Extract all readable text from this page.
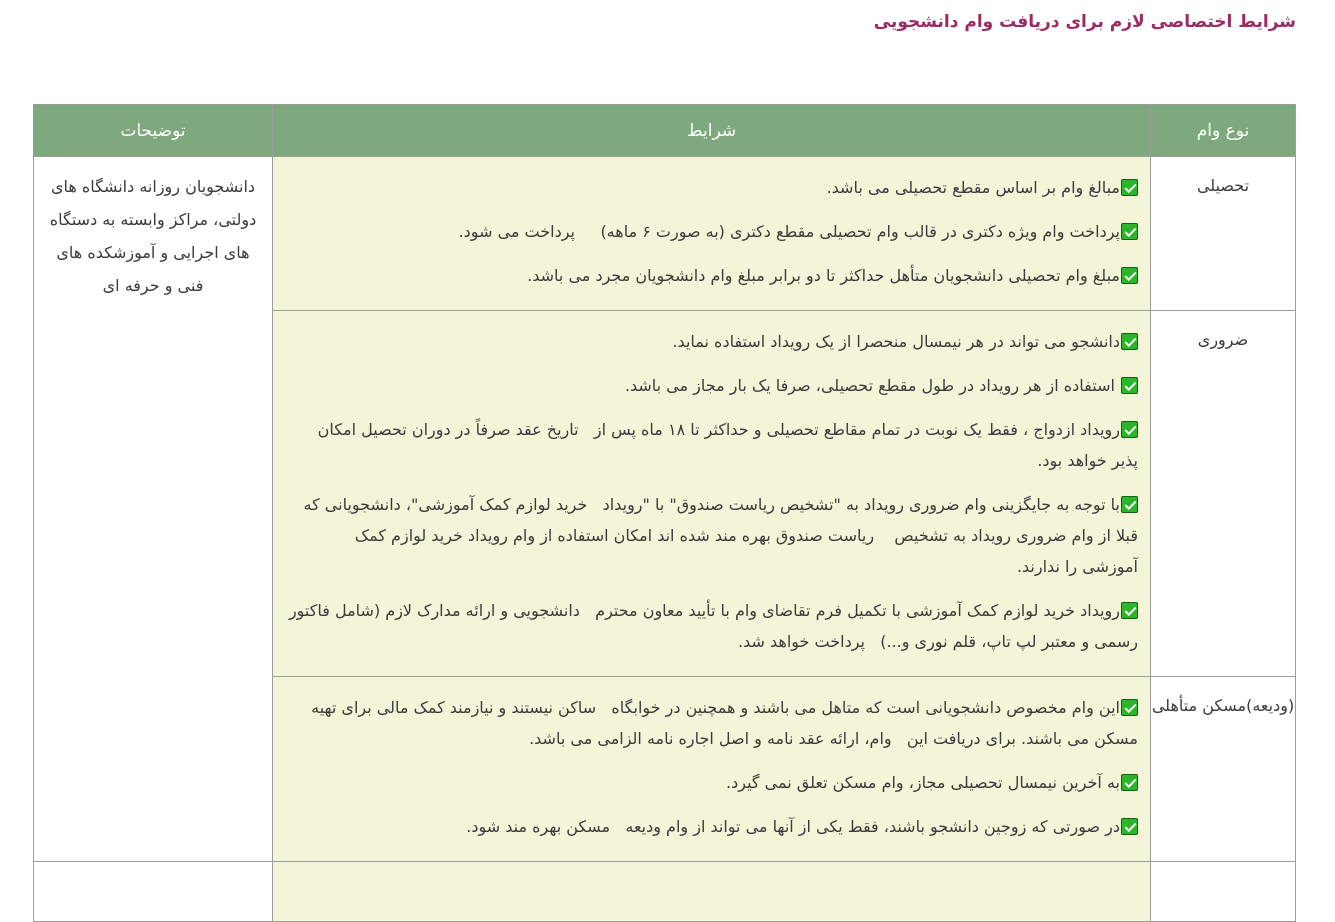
شرایط اختصاصی لازم برای دریافت وام دانشجویی
نوع وام	شرایط	توضیحات
تحصیلی	مبالغ وام بر اساس مقطع تحصیلی می باشد.
پرداخت وام ویژه دکتری در قالب وام تحصیلی مقطع دکتری (به صورت ۶ ماهه)     پرداخت می شود.
مبلغ وام تحصیلی دانشجویان متأهل حداکثر تا دو برابر مبلغ وام دانشجویان مجرد می باشد.	دانشجویان روزانه دانشگاه های دولتی، مراکز وابسته به دستگاه های اجرایی و آموزشکده های فنی و حرفه ای
ضروری	دانشجو می تواند در هر نیمسال منحصرا از یک رویداد استفاده نماید.
استفاده از هر رویداد در طول مقطع تحصیلی، صرفا یک بار مجاز می باشد.
رویداد ازدواج ، فقط یک نوبت در تمام مقاطع تحصیلی و حداکثر تا ۱۸ ماه پس از   تاریخ عقد صرفاً در دوران تحصیل امکان پذیر خواهد بود.
با توجه به جایگزینی وام ضروری رویداد به "تشخیص ریاست صندوق" با "رویداد   خرید لوازم کمک آموزشی"، دانشجویانی که قبلا از وام ضروری رویداد به تشخیص    ریاست صندوق بهره مند شده اند امکان استفاده از وام رویداد خرید لوازم کمک   آموزشی را ندارند.
رویداد خرید لوازم کمک آموزشی با تکمیل فرم تقاضای وام با تأیید معاون محترم   دانشجویی و ارائه مدارک لازم (شامل فاکتور رسمی و معتبر لپ تاپ، قلم نوری و...)   پرداخت خواهد شد.	

(ودیعه)مسکن متأهلی	این وام مخصوص دانشجویانی است که متاهل می باشند و همچنین در خوابگاه   ساکن نیستند و نیازمند کمک مالی برای تهیه مسکن می باشند. برای دریافت این   وام، ارائه عقد نامه و اصل اجاره نامه الزامی می باشد.
به آخرین نیمسال تحصیلی مجاز، وام مسکن تعلق نمی گیرد.
در صورتی که زوجین دانشجو باشند، فقط یکی از آنها می تواند از وام ودیعه   مسکن بهره مند شود.	
